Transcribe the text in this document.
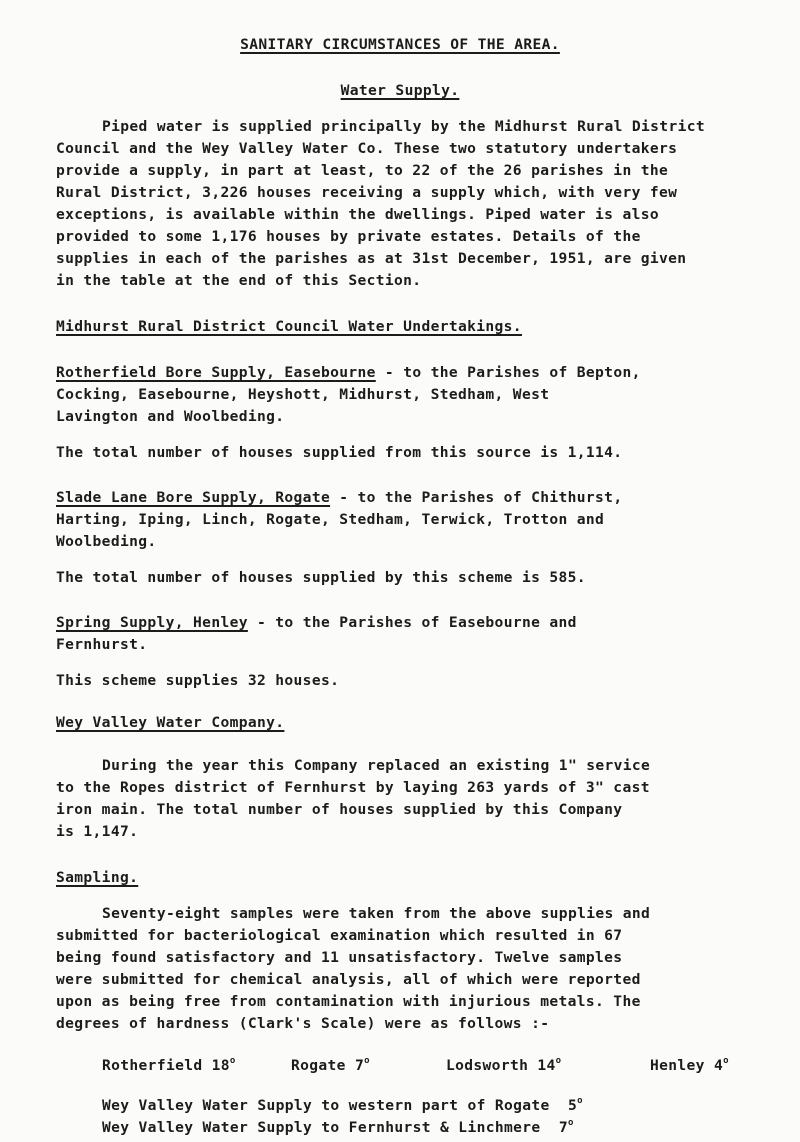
SANITARY CIRCUMSTANCES OF THE AREA.

Water Supply.

Piped water is supplied principally by the Midhurst Rural District

Council and the Wey Valley Water Co. These two statutory undertakers

provide a supply, in part at least, to 22 of the 26 parishes in the

Rural District, 3,226 houses receiving a supply which, with very few

exceptions, is available within the dwellings. Piped water is also

provided to some 1,176 houses by private estates. Details of the

supplies in each of the parishes as at 31st December, 1951, are given

in the table at the end of this Section.

Midhurst Rural District Council Water Undertakings.

Rotherfield Bore Supply, Easebourne - to the Parishes of Bepton,

Cocking, Easebourne, Heyshott, Midhurst, Stedham, West

Lavington and Woolbeding.

The total number of houses supplied from this source is 1,114.

Slade Lane Bore Supply, Rogate - to the Parishes of Chithurst,

Harting, Iping, Linch, Rogate, Stedham, Terwick, Trotton and

Woolbeding.

The total number of houses supplied by this scheme is 585.

Spring Supply, Henley - to the Parishes of Easebourne and

Fernhurst.

This scheme supplies 32 houses.

Wey Valley Water Company.

During the year this Company replaced an existing 1" service

to the Ropes district of Fernhurst by laying 263 yards of 3" cast

iron main. The total number of houses supplied by this Company

is 1,147.

Sampling.

Seventy-eight samples were taken from the above supplies and

submitted for bacteriological examination which resulted in 67

being found satisfactory and 11 unsatisfactory. Twelve samples

were submitted for chemical analysis, all of which were reported

upon as being free from contamination with injurious metals. The

degrees of hardness (Clark's Scale) were as follows :-

Rotherfield 18$^o$	Rogate 7$^o$	Lodsworth 14$^o$	Henley 4$^o$

Wey Valley Water Supply to western part of Rogate 5$^o$

Wey Valley Water Supply to Fernhurst & Linchmere 7$^o$
